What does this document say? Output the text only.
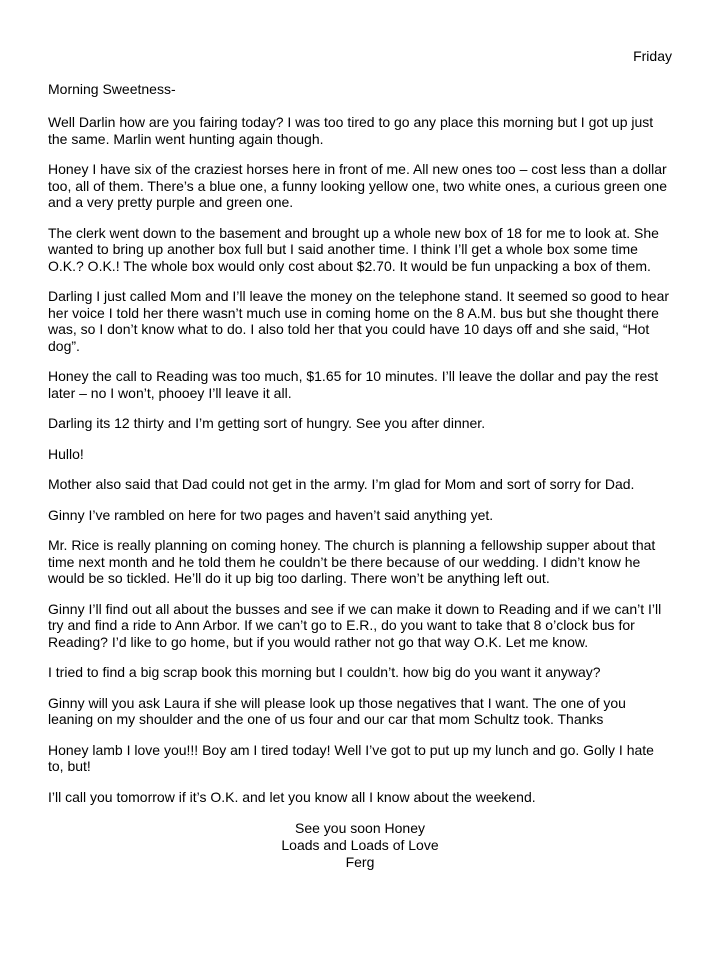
Friday
Morning Sweetness-

Well Darlin how are you fairing today? I was too tired to go any place this morning but I got up just the same. Marlin went hunting again though.

Honey I have six of the craziest horses here in front of me. All new ones too – cost less than a dollar too, all of them. There’s a blue one, a funny looking yellow one, two white ones, a curious green one and a very pretty purple and green one.

The clerk went down to the basement and brought up a whole new box of 18 for me to look at. She wanted to bring up another box full but I said another time. I think I’ll get a whole box some time O.K.? O.K.! The whole box would only cost about $2.70. It would be fun unpacking a box of them.

Darling I just called Mom and I’ll leave the money on the telephone stand. It seemed so good to hear her voice I told her there wasn’t much use in coming home on the 8 A.M. bus but she thought there was, so I don’t know what to do. I also told her that you could have 10 days off and she said, “Hot dog”.

Honey the call to Reading was too much, $1.65 for 10 minutes. I’ll leave the dollar and pay the rest later – no I won’t, phooey I’ll leave it all.

Darling its 12 thirty and I’m getting sort of hungry. See you after dinner.

Hullo!

Mother also said that Dad could not get in the army. I’m glad for Mom and sort of sorry for Dad.

Ginny I’ve rambled on here for two pages and haven’t said anything yet.

Mr. Rice is really planning on coming honey. The church is planning a fellowship supper about that time next month and he told them he couldn’t be there because of our wedding. I didn’t know he would be so tickled. He’ll do it up big too darling. There won’t be anything left out.

Ginny I’ll find out all about the busses and see if we can make it down to Reading and if we can’t I’ll try and find a ride to Ann Arbor. If we can’t go to E.R., do you want to take that 8 o’clock bus for Reading? I’d like to go home, but if you would rather not go that way O.K. Let me know.

I tried to find a big scrap book this morning but I couldn’t. how big do you want it anyway?

Ginny will you ask Laura if she will please look up those negatives that I want. The one of you leaning on my shoulder and the one of us four and our car that mom Schultz took. Thanks

Honey lamb I love you!!! Boy am I tired today! Well I’ve got to put up my lunch and go. Golly I hate to, but!

I’ll call you tomorrow if it’s O.K. and let you know all I know about the weekend.

See you soon Honey
Loads and Loads of Love
Ferg
